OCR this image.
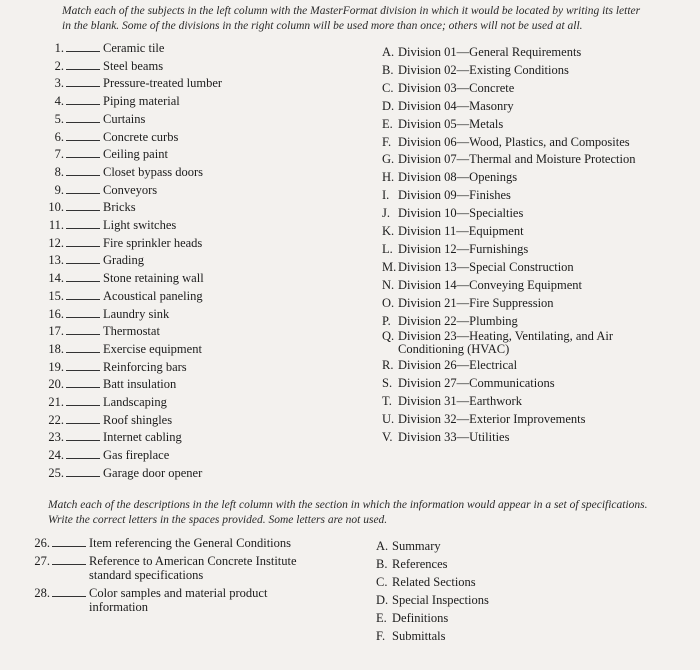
Match each of the subjects in the left column with the MasterFormat division in which it would be located by writing its letter in the blank. Some of the divisions in the right column will be used more than once; others will not be used at all.
1.	Ceramic tile
2.	Steel beams
3.	Pressure-treated lumber
4.	Piping material
5.	Curtains
6.	Concrete curbs
7.	Ceiling paint
8.	Closet bypass doors
9.	Conveyors
10.	Bricks
11.	Light switches
12.	Fire sprinkler heads
13.	Grading
14.	Stone retaining wall
15.	Acoustical paneling
16.	Laundry sink
17.	Thermostat
18.	Exercise equipment
19.	Reinforcing bars
20.	Batt insulation
21.	Landscaping
22.	Roof shingles
23.	Internet cabling
24.	Gas fireplace
25.	Garage door opener
A. Division 01—General Requirements
B. Division 02—Existing Conditions
C. Division 03—Concrete
D. Division 04—Masonry
E. Division 05—Metals
F. Division 06—Wood, Plastics, and Composites
G. Division 07—Thermal and Moisture Protection
H. Division 08—Openings
I. Division 09—Finishes
J. Division 10—Specialties
K. Division 11—Equipment
L. Division 12—Furnishings
M. Division 13—Special Construction
N. Division 14—Conveying Equipment
O. Division 21—Fire Suppression
P. Division 22—Plumbing
Q. Division 23—Heating, Ventilating, and Air
Conditioning (HVAC)
R. Division 26—Electrical
S. Division 27—Communications
T. Division 31—Earthwork
U. Division 32—Exterior Improvements
V. Division 33—Utilities
Match each of the descriptions in the left column with the section in which the information would appear in a set of specifications. Write the correct letters in the spaces provided. Some letters are not used.
26.	Item referencing the General Conditions
27.	Reference to American Concrete Institute
standard specifications
28.	Color samples and material product
information
A. Summary
B. References
C. Related Sections
D. Special Inspections
E. Definitions
F. Submittals
